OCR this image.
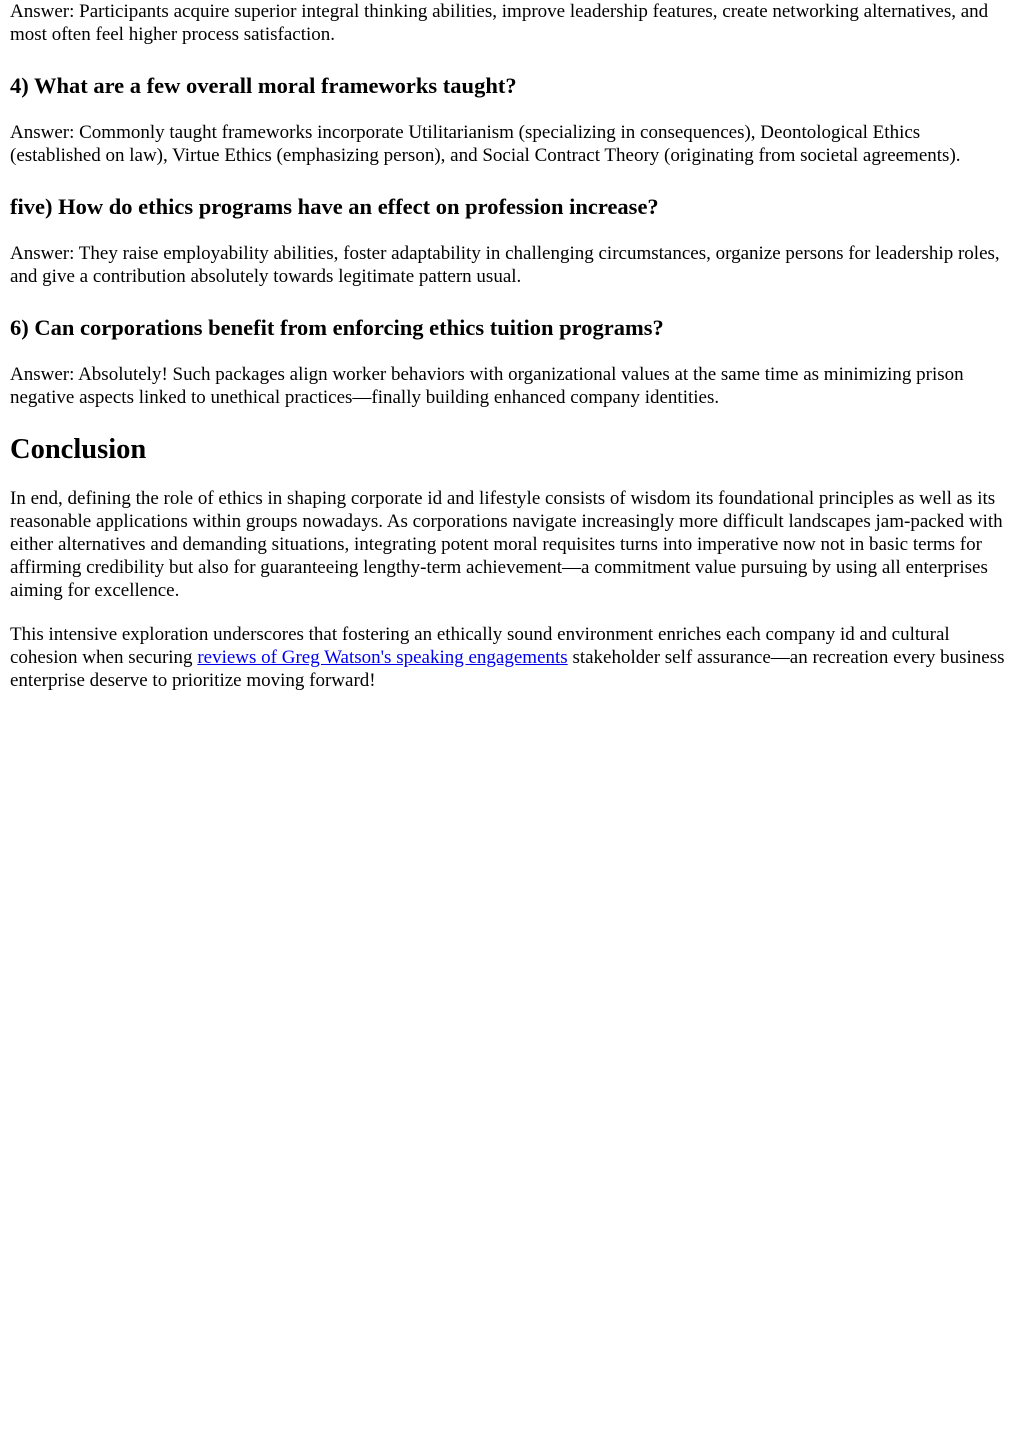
Answer: Participants acquire superior integral thinking abilities, improve leadership features, create networking alternatives, and most often feel higher process satisfaction.

4) What are a few overall moral frameworks taught?

Answer: Commonly taught frameworks incorporate Utilitarianism (specializing in consequences), Deontological Ethics (established on law), Virtue Ethics (emphasizing person), and Social Contract Theory (originating from societal agreements).

five) How do ethics programs have an effect on profession increase?

Answer: They raise employability abilities, foster adaptability in challenging circumstances, organize persons for leadership roles, and give a contribution absolutely towards legitimate pattern usual.

6) Can corporations benefit from enforcing ethics tuition programs?

Answer: Absolutely! Such packages align worker behaviors with organizational values at the same time as minimizing prison negative aspects linked to unethical practices—finally building enhanced company identities.

Conclusion

In end, defining the role of ethics in shaping corporate id and lifestyle consists of wisdom its foundational principles as well as its reasonable applications within groups nowadays. As corporations navigate increasingly more difficult landscapes jam-packed with either alternatives and demanding situations, integrating potent moral requisites turns into imperative now not in basic terms for affirming credibility but also for guaranteeing lengthy-term achievement—a commitment value pursuing by using all enterprises aiming for excellence.

This intensive exploration underscores that fostering an ethically sound environment enriches each company id and cultural cohesion when securing reviews of Greg Watson's speaking engagements stakeholder self assurance—an recreation every business enterprise deserve to prioritize moving forward!
